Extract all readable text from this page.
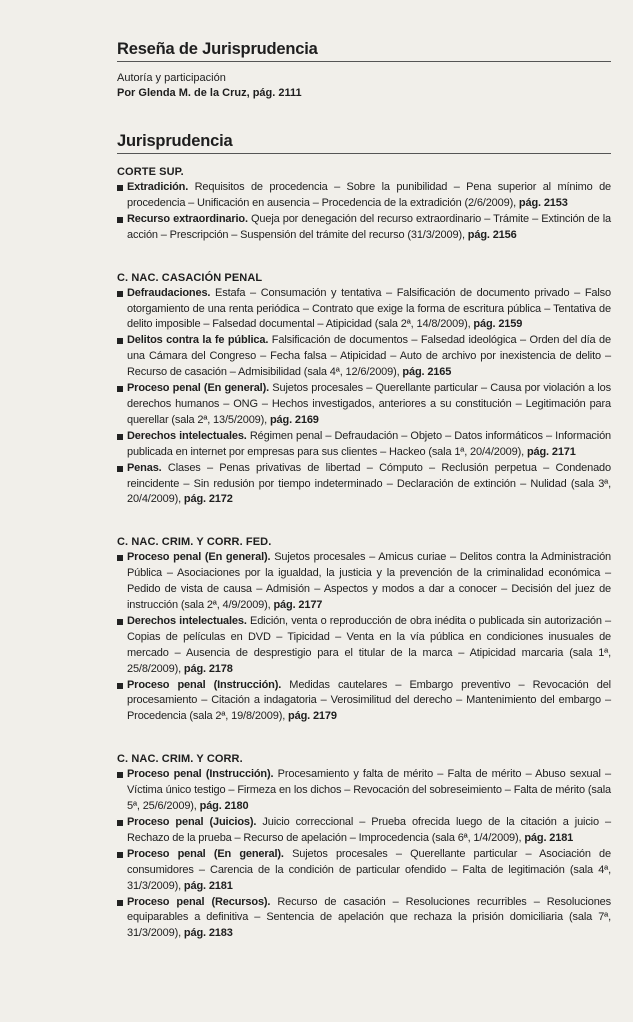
Reseña de Jurisprudencia
Autoría y participación
Por Glenda M. de la Cruz, pág. 2111
Jurisprudencia
CORTE SUP.
Extradición. Requisitos de procedencia – Sobre la punibilidad – Pena superior al mínimo de procedencia – Unificación en ausencia – Procedencia de la extradición (2/6/2009), pág. 2153
Recurso extraordinario. Queja por denegación del recurso extraordinario – Trámite – Extinción de la acción – Prescripción – Suspensión del trámite del recurso (31/3/2009), pág. 2156
C. NAC. CASACIÓN PENAL
Defraudaciones. Estafa – Consumación y tentativa – Falsificación de documento privado – Falso otorgamiento de una renta periódica – Contrato que exige la forma de escritura pública – Tentativa de delito imposible – Falsedad documental – Atipicidad (sala 2ª, 14/8/2009), pág. 2159
Delitos contra la fe pública. Falsificación de documentos – Falsedad ideológica – Orden del día de una Cámara del Congreso – Fecha falsa – Atipicidad – Auto de archivo por inexistencia de delito – Recurso de casación – Admisibilidad (sala 4ª, 12/6/2009), pág. 2165
Proceso penal (En general). Sujetos procesales – Querellante particular – Causa por violación a los derechos humanos – ONG – Hechos investigados, anteriores a su constitución – Legitimación para querellar (sala 2ª, 13/5/2009), pág. 2169
Derechos intelectuales. Régimen penal – Defraudación – Objeto – Datos informáticos – Información publicada en internet por empresas para sus clientes – Hackeo (sala 1ª, 20/4/2009), pág. 2171
Penas. Clases – Penas privativas de libertad – Cómputo – Reclusión perpetua – Condenado reincidente – Sin redusión por tiempo indeterminado – Declaración de extinción – Nulidad (sala 3ª, 20/4/2009), pág. 2172
C. NAC. CRIM. Y CORR. FED.
Proceso penal (En general). Sujetos procesales – Amicus curiae – Delitos contra la Administración Pública – Asociaciones por la igualdad, la justicia y la prevención de la criminalidad económica – Pedido de vista de causa – Admisión – Aspectos y modos a dar a conocer – Decisión del juez de instrucción (sala 2ª, 4/9/2009), pág. 2177
Derechos intelectuales. Edición, venta o reproducción de obra inédita o publicada sin autorización – Copias de películas en DVD – Tipicidad – Venta en la vía pública en condiciones inusuales de mercado – Ausencia de desprestigio para el titular de la marca – Atipicidad marcaria (sala 1ª, 25/8/2009), pág. 2178
Proceso penal (Instrucción). Medidas cautelares – Embargo preventivo – Revocación del procesamiento – Citación a indagatoria – Verosimilitud del derecho – Mantenimiento del embargo – Procedencia (sala 2ª, 19/8/2009), pág. 2179
C. NAC. CRIM. Y CORR.
Proceso penal (Instrucción). Procesamiento y falta de mérito – Falta de mérito – Abuso sexual – Víctima único testigo – Firmeza en los dichos – Revocación del sobreseimiento – Falta de mérito (sala 5ª, 25/6/2009), pág. 2180
Proceso penal (Juicios). Juicio correccional – Prueba ofrecida luego de la citación a juicio – Rechazo de la prueba – Recurso de apelación – Improcedencia (sala 6ª, 1/4/2009), pág. 2181
Proceso penal (En general). Sujetos procesales – Querellante particular – Asociación de consumidores – Carencia de la condición de particular ofendido – Falta de legitimación (sala 4ª, 31/3/2009), pág. 2181
Proceso penal (Recursos). Recurso de casación – Resoluciones recurribles – Resoluciones equiparables a definitiva – Sentencia de apelación que rechaza la prisión domiciliaria (sala 7ª, 31/3/2009), pág. 2183
